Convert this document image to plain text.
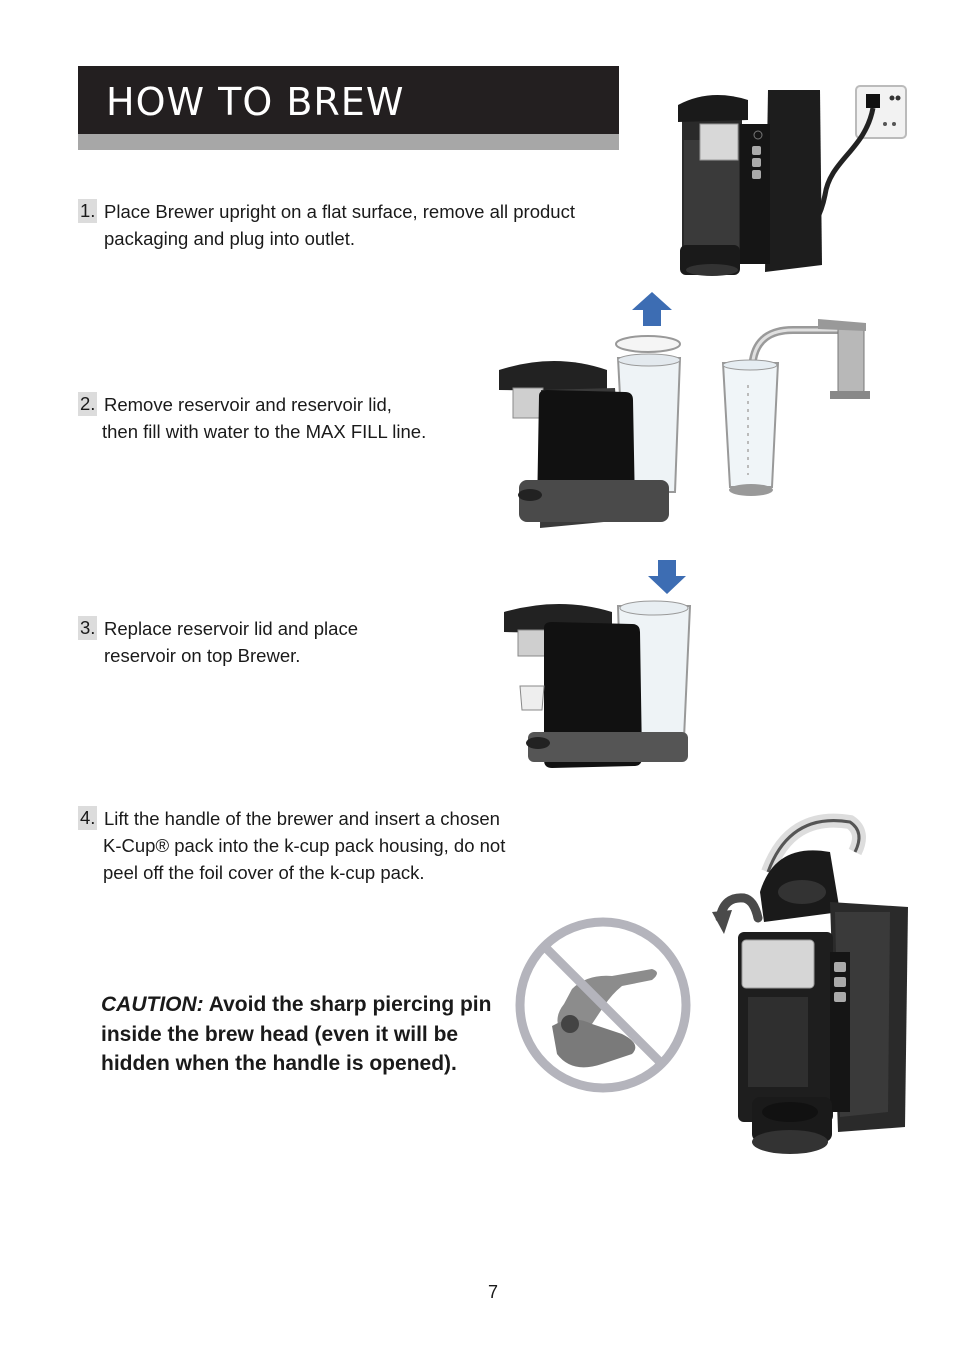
HOW TO BREW
1. Place Brewer upright on a flat surface, remove all product
packaging and plug into outlet.
2. Remove reservoir and reservoir lid,
then fill with water to the MAX FILL line.
3. Replace reservoir lid and place
reservoir on top Brewer.
4. Lift the handle of the brewer and insert a chosen
K-Cup® pack into the k-cup pack housing, do not
peel off the foil cover of the k-cup pack.
CAUTION: Avoid the sharp piercing pin
inside the brew head (even it will be
hidden when the handle is opened).
7
